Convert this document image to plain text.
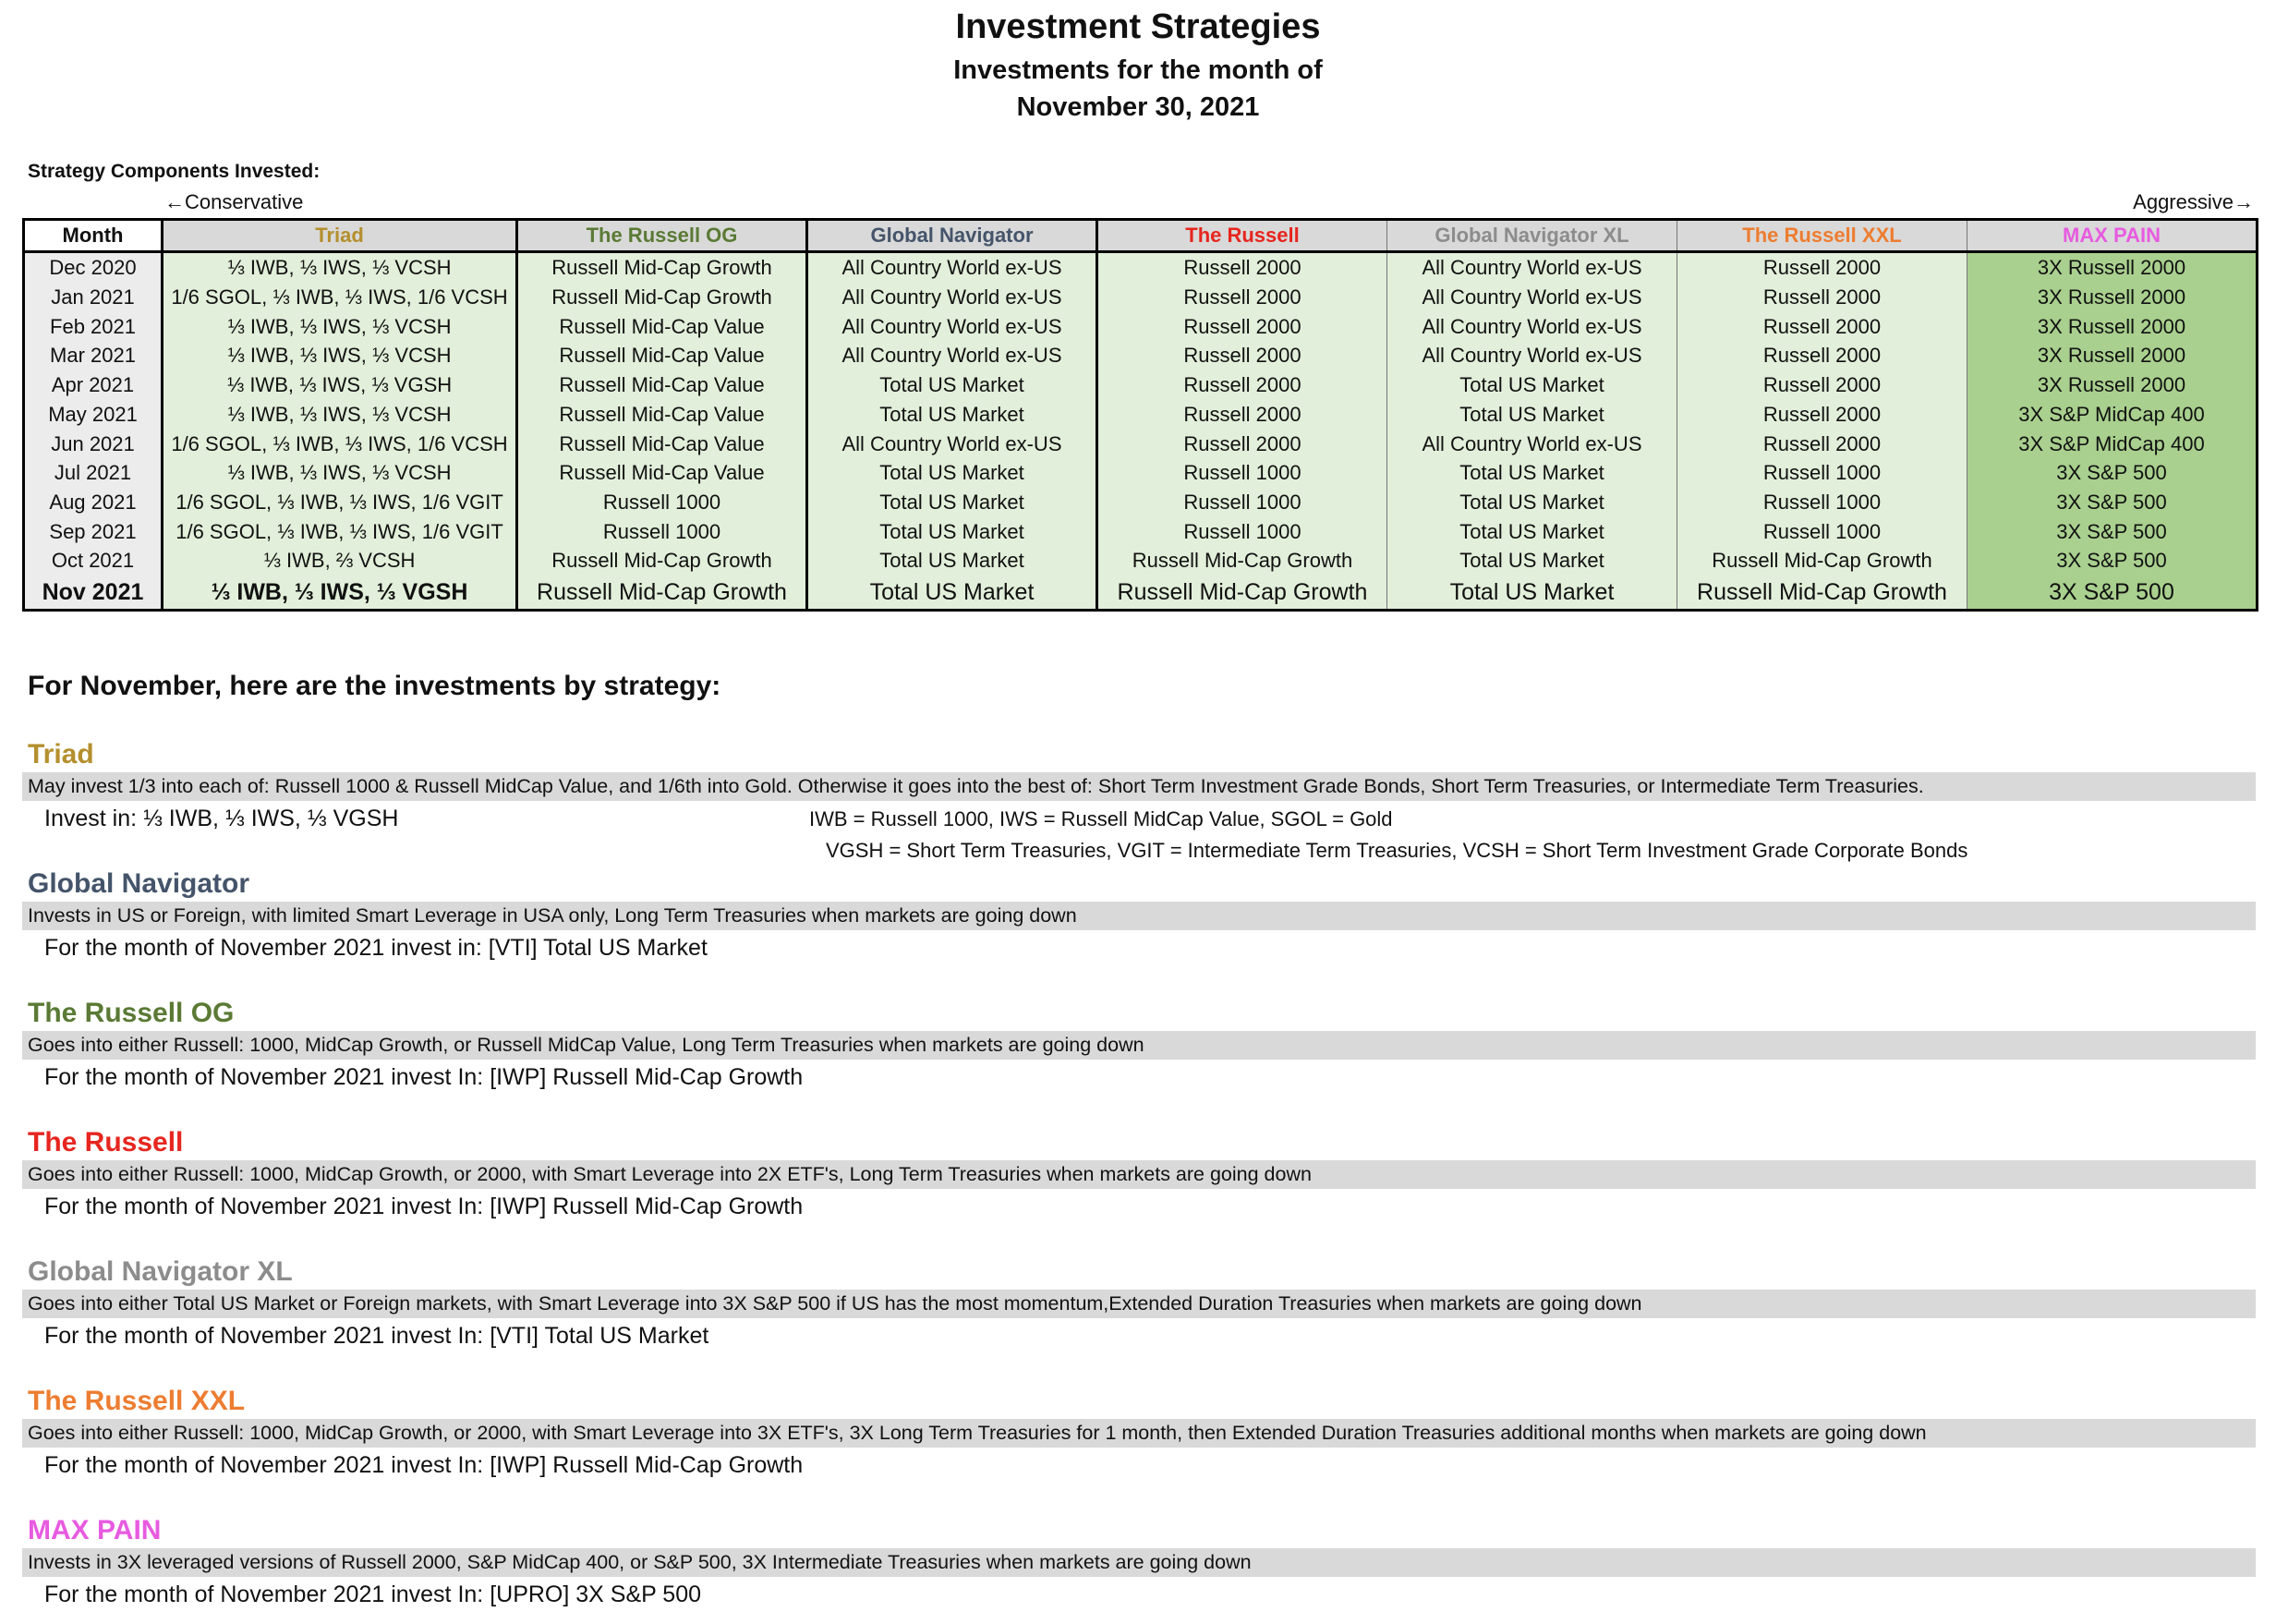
Investment Strategies
Investments for the month of
November 30, 2021
Strategy Components Invested:
←Conservative	Aggressive→
Month	Triad	The Russell OG	Global Navigator	The Russell	Global Navigator XL	The Russell XXL	MAX PAIN
Dec 2020	⅓ IWB, ⅓ IWS, ⅓ VCSH	Russell Mid-Cap Growth	All Country World ex-US	Russell 2000	All Country World ex-US	Russell 2000	3X Russell 2000
Jan 2021	1/6 SGOL, ⅓ IWB, ⅓ IWS, 1/6 VCSH	Russell Mid-Cap Growth	All Country World ex-US	Russell 2000	All Country World ex-US	Russell 2000	3X Russell 2000
Feb 2021	⅓ IWB, ⅓ IWS, ⅓ VCSH	Russell Mid-Cap Value	All Country World ex-US	Russell 2000	All Country World ex-US	Russell 2000	3X Russell 2000
Mar 2021	⅓ IWB, ⅓ IWS, ⅓ VCSH	Russell Mid-Cap Value	All Country World ex-US	Russell 2000	All Country World ex-US	Russell 2000	3X Russell 2000
Apr 2021	⅓ IWB, ⅓ IWS, ⅓ VGSH	Russell Mid-Cap Value	Total US Market	Russell 2000	Total US Market	Russell 2000	3X Russell 2000
May 2021	⅓ IWB, ⅓ IWS, ⅓ VCSH	Russell Mid-Cap Value	Total US Market	Russell 2000	Total US Market	Russell 2000	3X S&P MidCap 400
Jun 2021	1/6 SGOL, ⅓ IWB, ⅓ IWS, 1/6 VCSH	Russell Mid-Cap Value	All Country World ex-US	Russell 2000	All Country World ex-US	Russell 2000	3X S&P MidCap 400
Jul 2021	⅓ IWB, ⅓ IWS, ⅓ VCSH	Russell Mid-Cap Value	Total US Market	Russell 1000	Total US Market	Russell 1000	3X S&P 500
Aug 2021	1/6 SGOL, ⅓ IWB, ⅓ IWS, 1/6 VGIT	Russell 1000	Total US Market	Russell 1000	Total US Market	Russell 1000	3X S&P 500
Sep 2021	1/6 SGOL, ⅓ IWB, ⅓ IWS, 1/6 VGIT	Russell 1000	Total US Market	Russell 1000	Total US Market	Russell 1000	3X S&P 500
Oct 2021	⅓ IWB, ⅔ VCSH	Russell Mid-Cap Growth	Total US Market	Russell Mid-Cap Growth	Total US Market	Russell Mid-Cap Growth	3X S&P 500
Nov 2021	⅓ IWB, ⅓ IWS, ⅓ VGSH	Russell Mid-Cap Growth	Total US Market	Russell Mid-Cap Growth	Total US Market	Russell Mid-Cap Growth	3X S&P 500
For November, here are the investments by strategy:
Triad
May invest 1/3 into each of: Russell 1000 & Russell MidCap Value, and 1/6th into Gold. Otherwise it goes into the best of: Short Term Investment Grade Bonds, Short Term Treasuries, or Intermediate Term Treasuries.
Invest in: ⅓ IWB, ⅓ IWS, ⅓ VGSH	IWB = Russell 1000, IWS = Russell MidCap Value, SGOL = Gold
VGSH = Short Term Treasuries, VGIT = Intermediate Term Treasuries, VCSH = Short Term Investment Grade Corporate Bonds
Global Navigator
Invests in US or Foreign, with limited Smart Leverage in USA only, Long Term Treasuries when markets are going down
For the month of November 2021 invest in: [VTI] Total US Market
The Russell OG
Goes into either Russell: 1000, MidCap Growth, or Russell MidCap Value, Long Term Treasuries when markets are going down
For the month of November 2021 invest In: [IWP] Russell Mid-Cap Growth
The Russell
Goes into either Russell: 1000, MidCap Growth, or 2000, with Smart Leverage into 2X ETF's, Long Term Treasuries when markets are going down
For the month of November 2021 invest In: [IWP] Russell Mid-Cap Growth
Global Navigator XL
Goes into either Total US Market or Foreign markets, with Smart Leverage into 3X S&P 500 if US has the most momentum,Extended Duration Treasuries when markets are going down
For the month of November 2021 invest In: [VTI] Total US Market
The Russell XXL
Goes into either Russell: 1000, MidCap Growth, or 2000, with Smart Leverage into 3X ETF's, 3X Long Term Treasuries for 1 month, then Extended Duration Treasuries additional months when markets are going down
For the month of November 2021 invest In: [IWP] Russell Mid-Cap Growth
MAX PAIN
Invests in 3X leveraged versions of Russell 2000, S&P MidCap 400, or S&P 500, 3X Intermediate Treasuries when markets are going down
For the month of November 2021 invest In: [UPRO] 3X S&P 500
